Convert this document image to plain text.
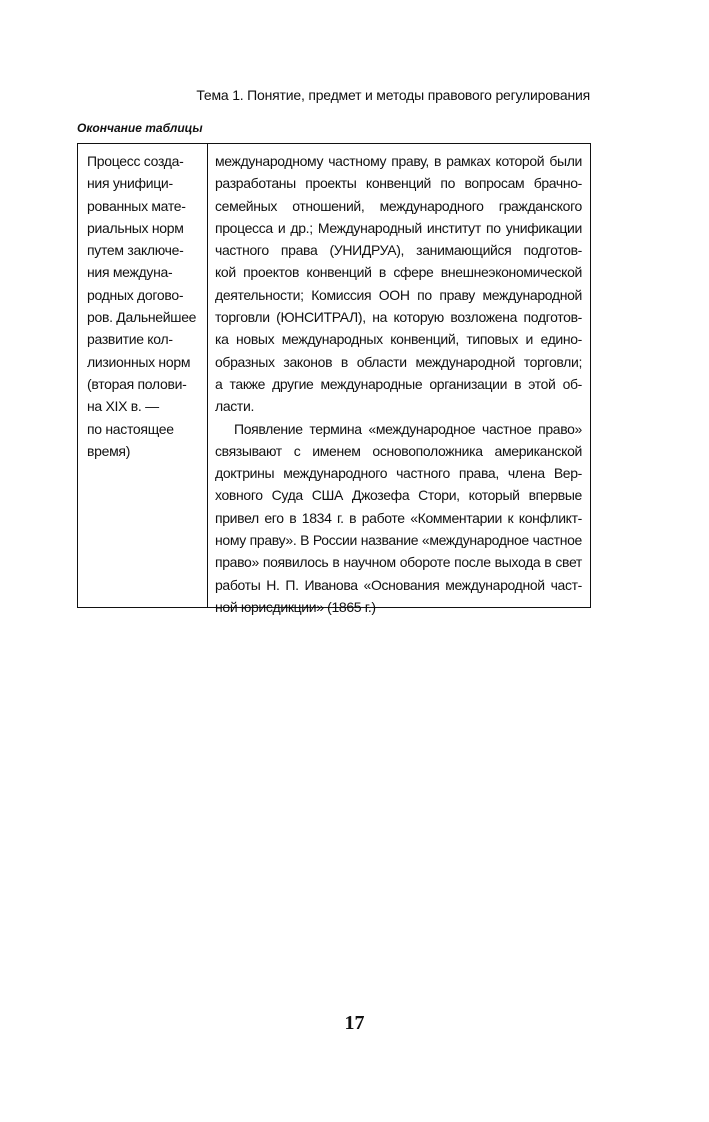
Тема 1. Понятие, предмет и методы правового регулирования
Окончание таблицы
Процесс созда-
ния унифици-
рованных мате-
риальных норм
путем заключе-
ния междуна-
родных догово-
ров. Дальнейшее
развитие кол-
лизионных норм
(вторая полови-
на XIX в. —
по настоящее
время)
международному частному праву, в рамках которой были
разработаны проекты конвенций по вопросам брачно-
семейных отношений, международного гражданского
процесса и др.; Международный институт по унификации
частного права (УНИДРУА), занимающийся подготов-
кой проектов конвенций в сфере внешнеэкономической
деятельности; Комиссия ООН по праву международной
торговли (ЮНСИТРАЛ), на которую возложена подготов-
ка новых международных конвенций, типовых и едино-
образных законов в области международной торговли;
а также другие международные организации в этой об-
ласти.
Появление термина «международное частное право»
связывают с именем основоположника американской
доктрины международного частного права, члена Вер-
ховного Суда США Джозефа Стори, который впервые
привел его в 1834 г. в работе «Комментарии к конфликт-
ному праву». В России название «международное частное
право» появилось в научном обороте после выхода в свет
работы Н. П. Иванова «Основания международной част-
ной юрисдикции» (1865 г.)
17
